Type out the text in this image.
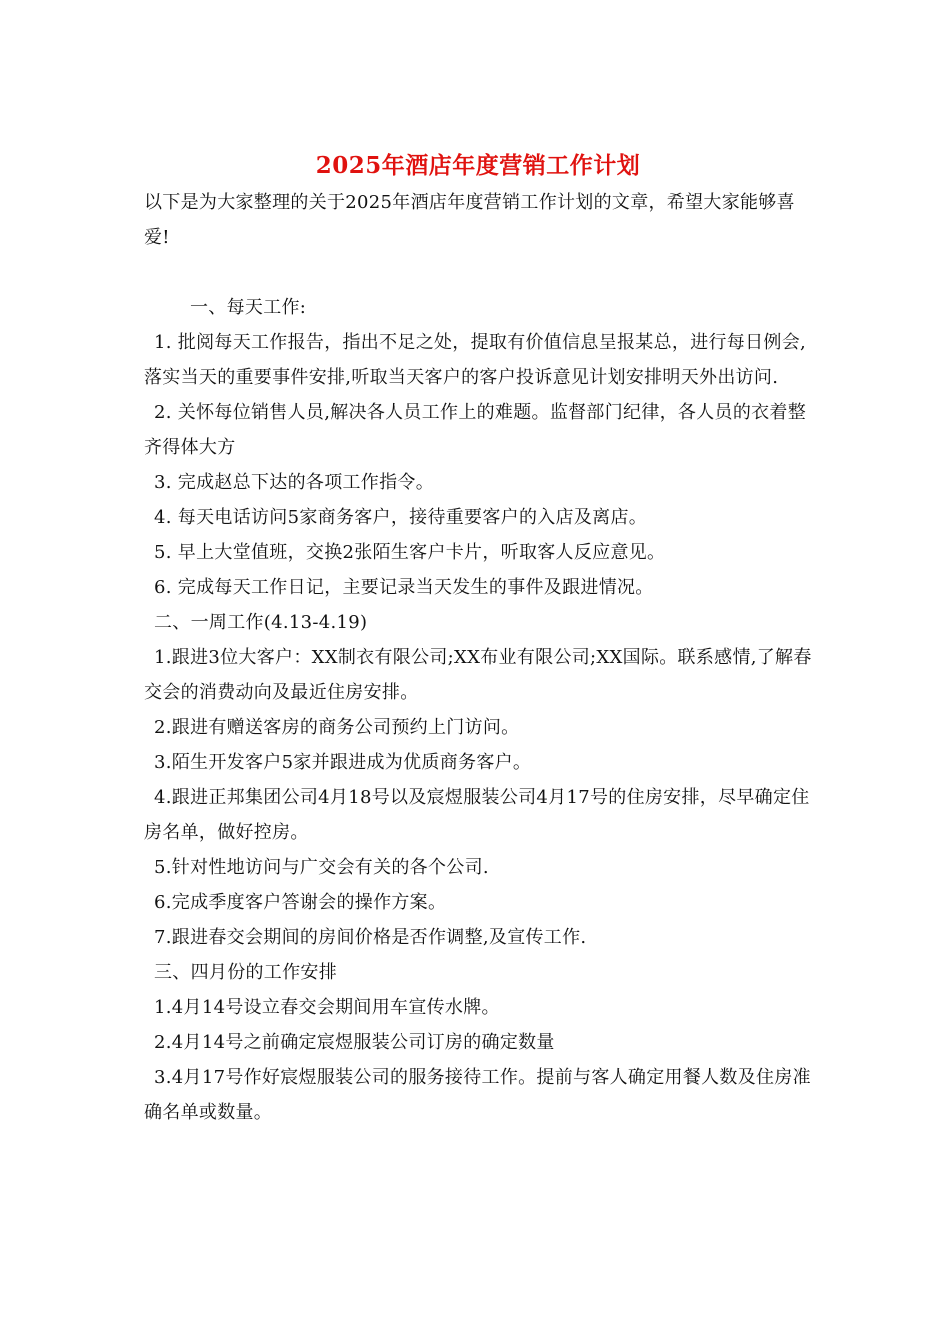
2025年酒店年度营销工作计划

以下是为大家整理的关于2025年酒店年度营销工作计划的文章，希望大家能够喜爱!

一、每天工作:

1. 批阅每天工作报告，指出不足之处，提取有价值信息呈报某总，进行每日例会,落实当天的重要事件安排,听取当天客户的客户投诉意见计划安排明天外出访问.

2. 关怀每位销售人员,解决各人员工作上的难题。监督部门纪律，各人员的衣着整齐得体大方

3. 完成赵总下达的各项工作指令。

4. 每天电话访问5家商务客户，接待重要客户的入店及离店。

5. 早上大堂值班，交换2张陌生客户卡片，听取客人反应意见。

6. 完成每天工作日记，主要记录当天发生的事件及跟进情况。

二、一周工作(4.13-4.19)

1.跟进3位大客户：XX制衣有限公司;XX布业有限公司;XX国际。联系感情,了解春交会的消费动向及最近住房安排。

2.跟进有赠送客房的商务公司预约上门访问。

3.陌生开发客户5家并跟进成为优质商务客户。

4.跟进正邦集团公司4月18号以及宸煜服装公司4月17号的住房安排，尽早确定住房名单，做好控房。

5.针对性地访问与广交会有关的各个公司.

6.完成季度客户答谢会的操作方案。

7.跟进春交会期间的房间价格是否作调整,及宣传工作.

三、四月份的工作安排

1.4月14号设立春交会期间用车宣传水牌。

2.4月14号之前确定宸煜服装公司订房的确定数量

3.4月17号作好宸煜服装公司的服务接待工作。提前与客人确定用餐人数及住房准确名单或数量。
